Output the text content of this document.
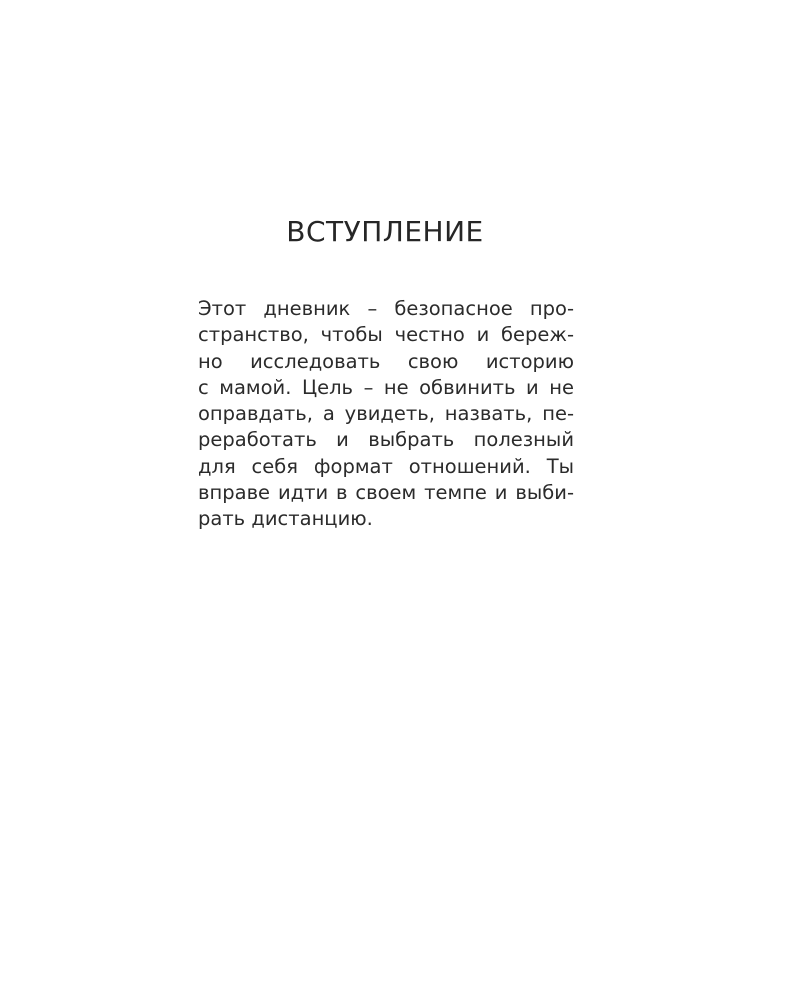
ВСТУПЛЕНИЕ
Этот дневник – безопасное про-
странство, чтобы честно и береж-
но исследовать свою историю
с мамой. Цель – не обвинить и не
оправдать, а увидеть, назвать, пе-
реработать и выбрать полезный
для себя формат отношений. Ты
вправе идти в своем темпе и выби-
рать дистанцию.
